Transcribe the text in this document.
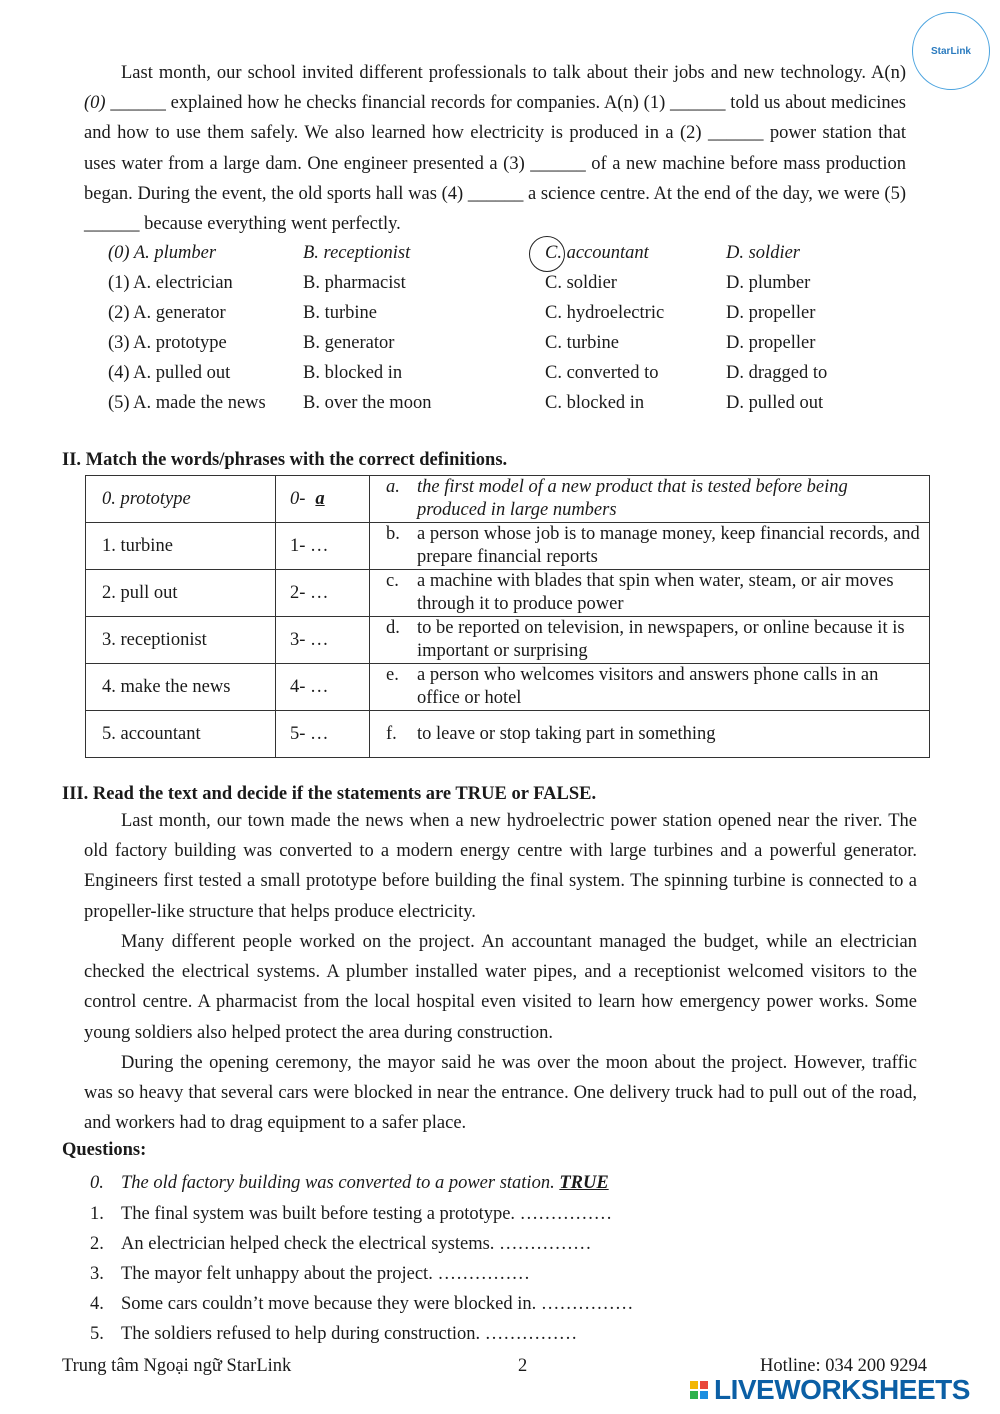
StarLink

Last month, our school invited different professionals to talk about their jobs and new technology. A(n) (0) ______ explained how he checks financial records for companies. A(n) (1) ______ told us about medicines and how to use them safely. We also learned how electricity is produced in a (2) ______ power station that uses water from a large dam. One engineer presented a (3) ______ of a new machine before mass production began. During the event, the old sports hall was (4) ______ a science centre. At the end of the day, we were (5) ______ because everything went perfectly.

(0) A. plumber	B. receptionist	C. accountant	D. soldier
(1) A. electrician	B. pharmacist	C. soldier	D. plumber
(2) A. generator	B. turbine	C. hydroelectric	D. propeller
(3) A. prototype	B. generator	C. turbine	D. propeller
(4) A. pulled out	B. blocked in	C. converted to	D. dragged to
(5) A. made the news B. over the moon	C. blocked in	D. pulled out
II. Match the words/phrases with the correct definitions.
0. prototype	0- a	a. the first model of a new product that is tested before being produced in large numbers

1. turbine	1- …	b. a person whose job is to manage money, keep financial records, and prepare financial reports

2. pull out	2- …	c. a machine with blades that spin when water, steam, or air moves through it to produce power

3. receptionist	3- …	d. to be reported on television, in newspapers, or online because it is important or surprising

4. make the news	4- …	e. a person who welcomes visitors and answers phone calls in an office or hotel

5. accountant	5- …	f. to leave or stop taking part in something
III. Read the text and decide if the statements are TRUE or FALSE.

Last month, our town made the news when a new hydroelectric power station opened near the river. The old factory building was converted to a modern energy centre with large turbines and a powerful generator. Engineers first tested a small prototype before building the final system. The spinning turbine is connected to a propeller-like structure that helps produce electricity.

Many different people worked on the project. An accountant managed the budget, while an electrician checked the electrical systems. A plumber installed water pipes, and a receptionist welcomed visitors to the control centre. A pharmacist from the local hospital even visited to learn how emergency power works. Some young soldiers also helped protect the area during construction.

During the opening ceremony, the mayor said he was over the moon about the project. However, traffic was so heavy that several cars were blocked in near the entrance. One delivery truck had to pull out of the road, and workers had to drag equipment to a safer place.

Questions:
0. The old factory building was converted to a power station. TRUE
1. The final system was built before testing a prototype. ……………
2. An electrician helped check the electrical systems. ……………
3. The mayor felt unhappy about the project. ……………
4. Some cars couldn’t move because they were blocked in. ……………
5. The soldiers refused to help during construction. ……………
Trung tâm Ngoại ngữ StarLink	2	Hotline: 034 200 9294
LIVEWORKSHEETS
